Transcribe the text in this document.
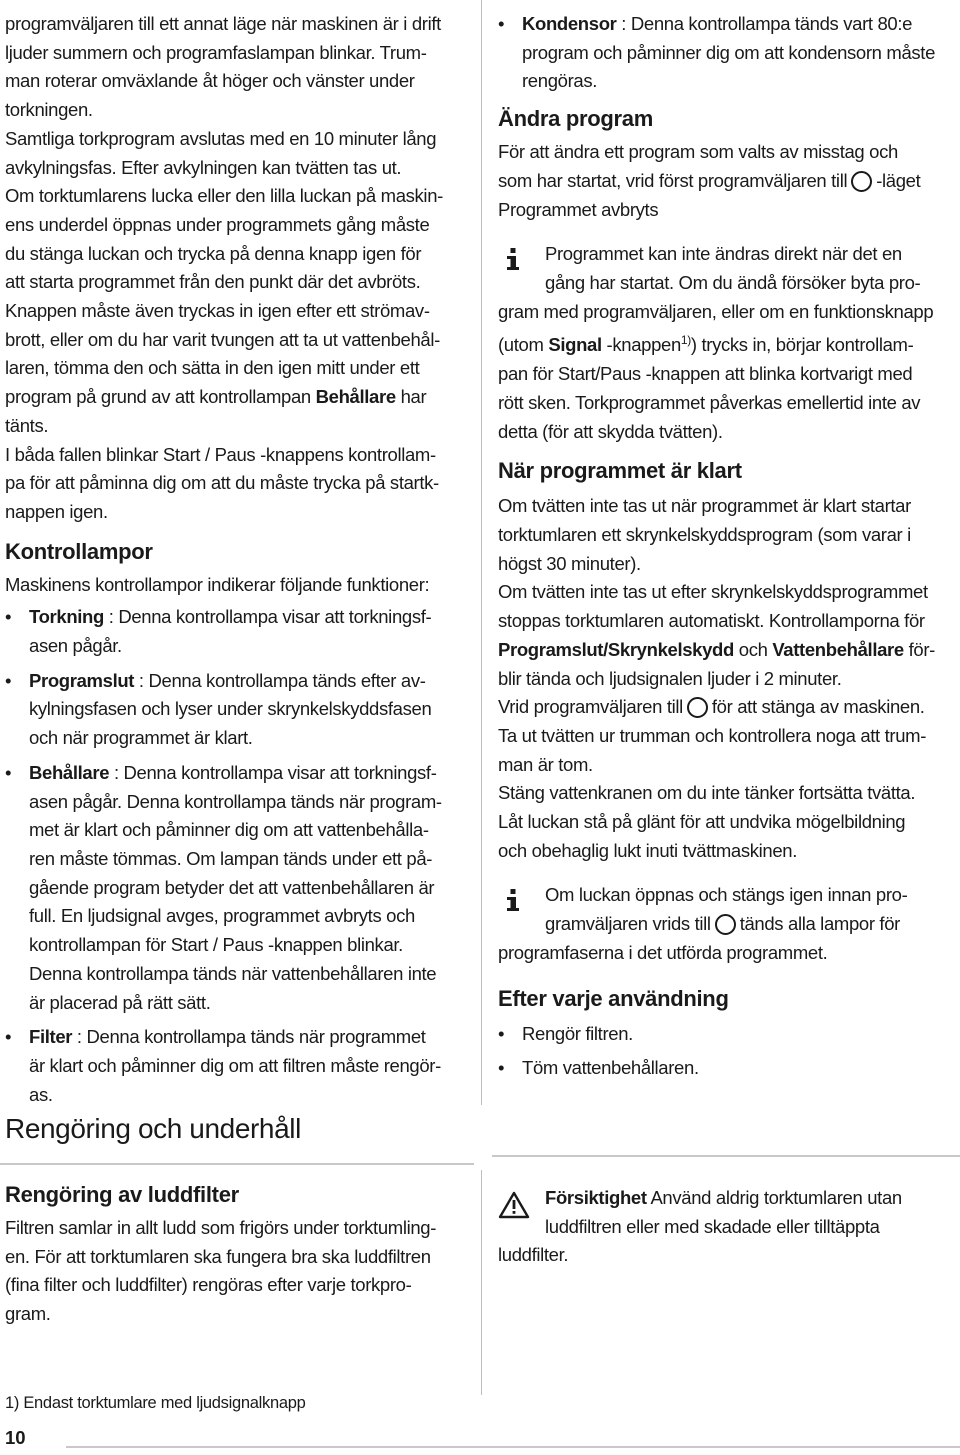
programväljaren till ett annat läge när maskinen är i drift

ljuder summern och programfaslampan blinkar. Trum-

man roterar omväxlande åt höger och vänster under

torkningen.

Samtliga torkprogram avslutas med en 10 minuter lång

avkylningsfas. Efter avkylningen kan tvätten tas ut.

Om torktumlarens lucka eller den lilla luckan på maskin-

ens underdel öppnas under programmets gång måste

du stänga luckan och trycka på denna knapp igen för

att starta programmet från den punkt där det avbröts.

Knappen måste även tryckas in igen efter ett strömav-

brott, eller om du har varit tvungen att ta ut vattenbehål-

laren, tömma den och sätta in den igen mitt under ett

program på grund av att kontrollampan Behållare har

tänts.

I båda fallen blinkar Start / Paus -knappens kontrollam-

pa för att påminna dig om att du måste trycka på startk-

nappen igen.

Kontrollampor

Maskinens kontrollampor indikerar följande funktioner:

• Torkning : Denna kontrollampa visar att torkningsf-
asen pågår.
• Programslut : Denna kontrollampa tänds efter av-
kylningsfasen och lyser under skrynkelskyddsfasen
och när programmet är klart.
• Behållare : Denna kontrollampa visar att torkningsf-
asen pågår. Denna kontrollampa tänds när program-
met är klart och påminner dig om att vattenbehålla-
ren måste tömmas. Om lampan tänds under ett på-
gående program betyder det att vattenbehållaren är
full. En ljudsignal avges, programmet avbryts och
kontrollampan för Start / Paus -knappen blinkar.
Denna kontrollampa tänds när vattenbehållaren inte
är placerad på rätt sätt.
• Filter : Denna kontrollampa tänds när programmet
är klart och påminner dig om att filtren måste rengör-
as.
Rengöring och underhåll
Rengöring av luddfilter

Filtren samlar in allt ludd som frigörs under torktumling-

en. För att torktumlaren ska fungera bra ska luddfiltren

(fina filter och luddfilter) rengöras efter varje torkpro-

gram.

• Kondensor : Denna kontrollampa tänds vart 80:e
program och påminner dig om att kondensorn måste
rengöras.
Ändra program

För att ändra ett program som valts av misstag och

som har startat, vrid först programväljaren till -läget

Programmet avbryts

Programmet kan inte ändras direkt när det en

gång har startat. Om du ändå försöker byta pro-

gram med programväljaren, eller om en funktionsknapp

(utom Signal -knappen$^{1)}$) trycks in, börjar kontrollam-

pan för Start/Paus -knappen att blinka kortvarigt med

rött sken. Torkprogrammet påverkas emellertid inte av

detta (för att skydda tvätten).

När programmet är klart

Om tvätten inte tas ut när programmet är klart startar

torktumlaren ett skrynkelskyddsprogram (som varar i

högst 30 minuter).

Om tvätten inte tas ut efter skrynkelskyddsprogrammet

stoppas torktumlaren automatiskt. Kontrollamporna för

Programslut/Skrynkelskydd och Vattenbehållare för-

blir tända och ljudsignalen ljuder i 2 minuter.

Vrid programväljaren till för att stänga av maskinen.

Ta ut tvätten ur trumman och kontrollera noga att trum-

man är tom.

Stäng vattenkranen om du inte tänker fortsätta tvätta.

Låt luckan stå på glänt för att undvika mögelbildning

och obehaglig lukt inuti tvättmaskinen.

Om luckan öppnas och stängs igen innan pro-

gramväljaren vrids till tänds alla lampor för

programfaserna i det utförda programmet.

Efter varje användning
• Rengör filtren.
• Töm vattenbehållaren.

Försiktighet Använd aldrig torktumlaren utan

luddfiltren eller med skadade eller tilltäppta

luddfilter.

1) Endast torktumlare med ljudsignalknapp
10
